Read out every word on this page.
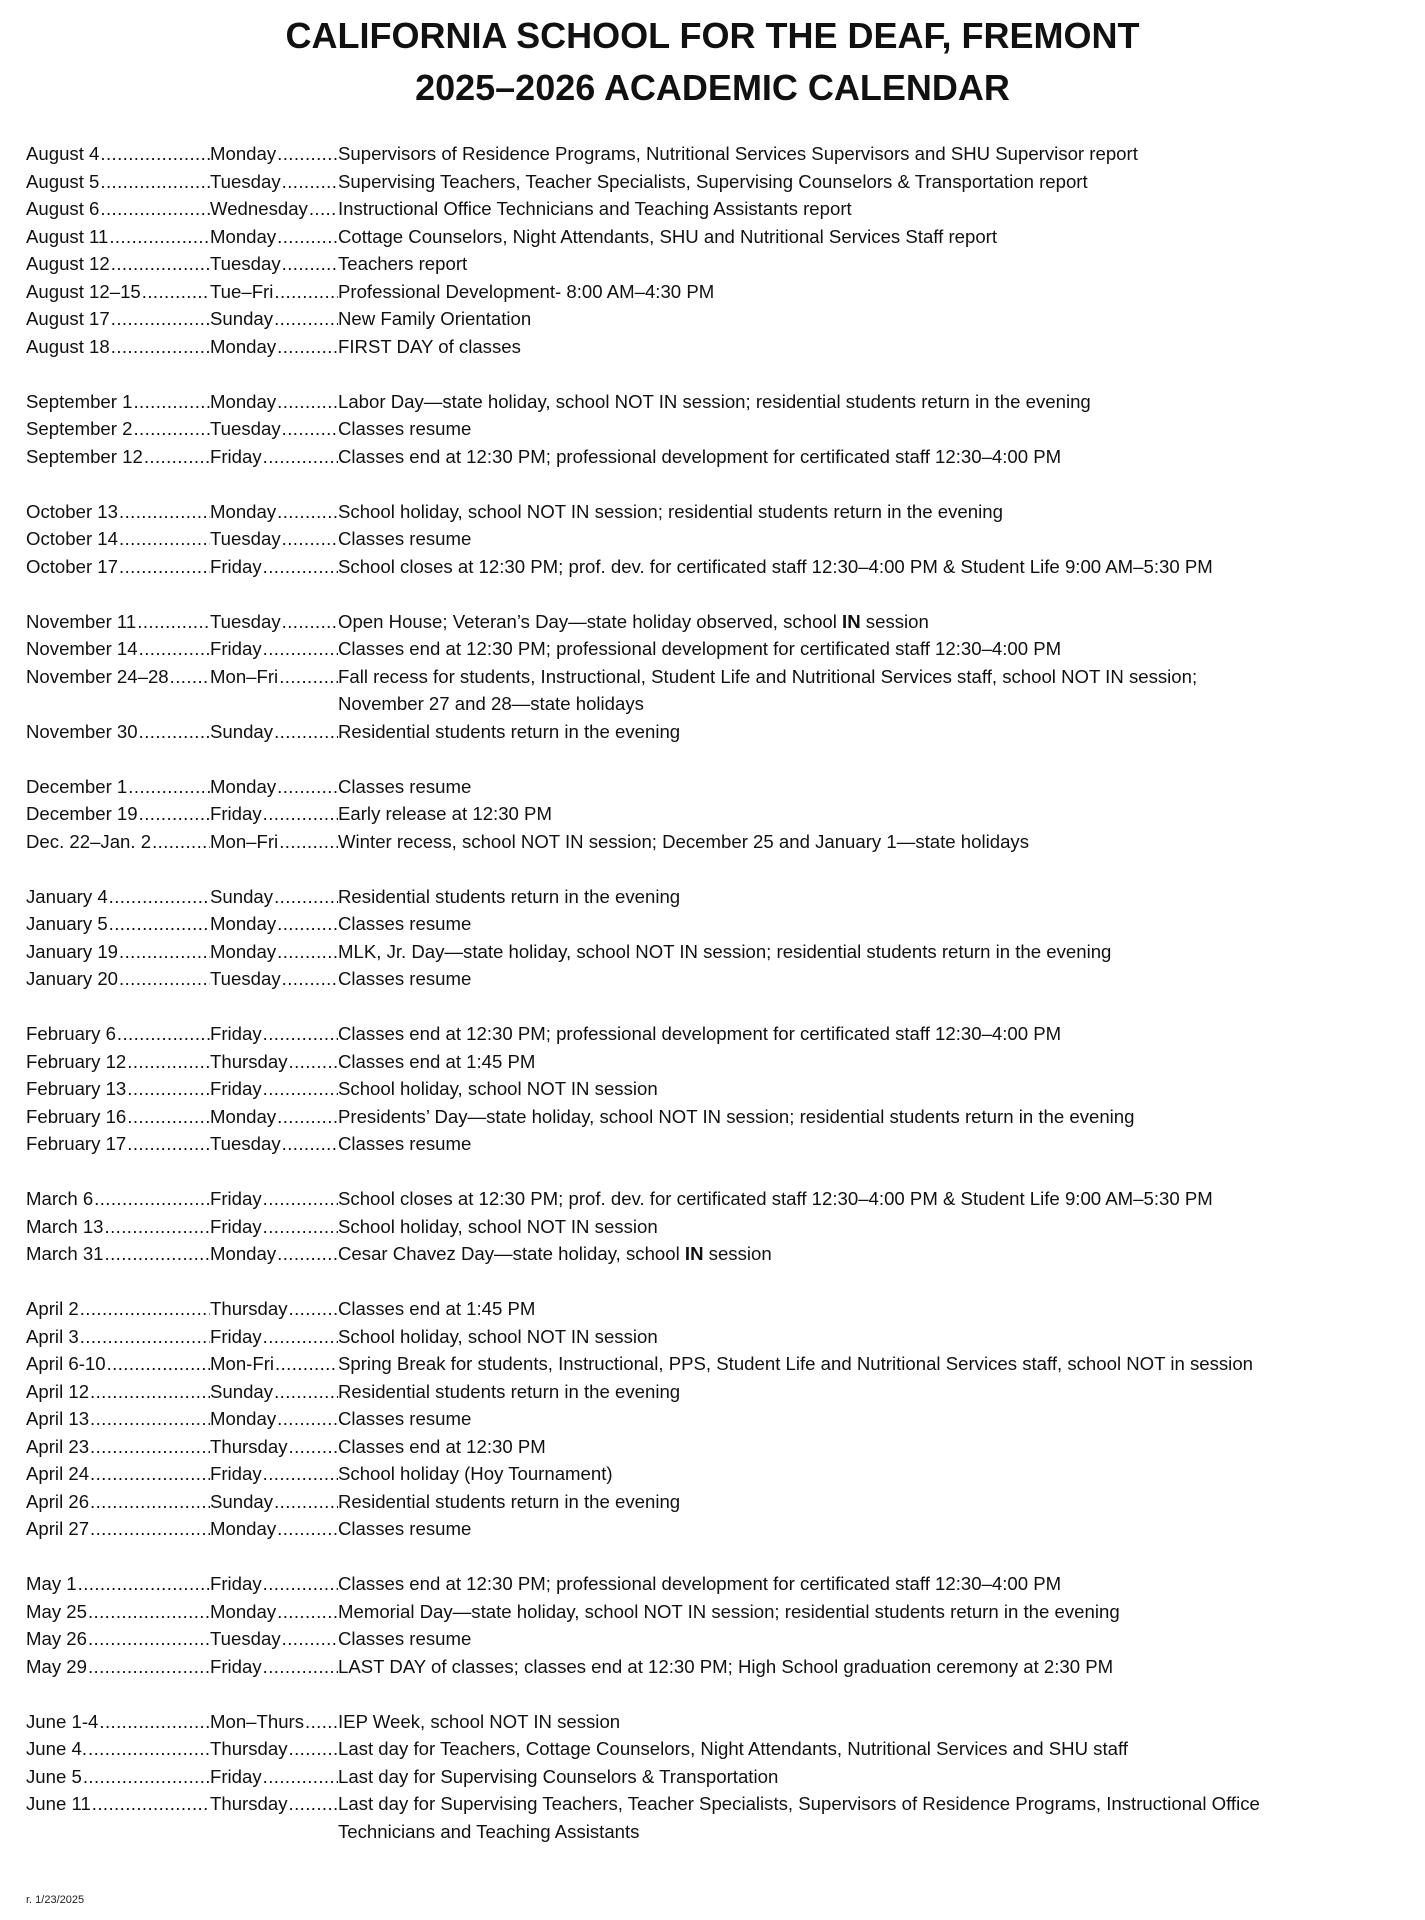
CALIFORNIA SCHOOL FOR THE DEAF, FREMONT
2025–2026 ACADEMIC CALENDAR
August 4 .....	Monday .....	Supervisors of Residence Programs, Nutritional Services Supervisors and SHU Supervisor report
August 5 .....	Tuesday .....	Supervising Teachers, Teacher Specialists, Supervising Counselors & Transportation report
August 6 .....	Wednesday ..... Instructional Office Technicians and Teaching Assistants report
August 11 .....	Monday .....	Cottage Counselors, Night Attendants, SHU and Nutritional Services Staff report
August 12 .....	Tuesday .....	Teachers report
August 12–15 .....	Tue–Fri .....	Professional Development- 8:00 AM–4:30 PM
August 17 .....	Sunday .....	New Family Orientation
August 18 .....	Monday .....	FIRST DAY of classes
September 1 .....	Monday .....	Labor Day—state holiday, school NOT IN session; residential students return in the evening
September 2 .....	Tuesday .....	Classes resume
September 12 .....	Friday .....	Classes end at 12:30 PM; professional development for certificated staff 12:30–4:00 PM
October 13 .....	Monday .....	School holiday, school NOT IN session; residential students return in the evening
October 14 .....	Tuesday .....	Classes resume
October 17 .....	Friday .....	School closes at 12:30 PM; prof. dev. for certificated staff 12:30–4:00 PM & Student Life 9:00 AM–5:30 PM
November 11 .....	Tuesday .....	Open House; Veteran’s Day—state holiday observed, school IN session
November 14 .....	Friday .....	Classes end at 12:30 PM; professional development for certificated staff 12:30–4:00 PM
November 24–28 ..... Mon–Fri .....	Fall recess for students, Instructional, Student Life and Nutritional Services staff, school NOT IN session;
November 27 and 28—state holidays
November 30 .....	Sunday .....	Residential students return in the evening
December 1 .....	Monday .....	Classes resume
December 19 .....	Friday .....	Early release at 12:30 PM
Dec. 22–Jan. 2 .....	Mon–Fri .....	Winter recess, school NOT IN session; December 25 and January 1—state holidays
January 4 .....	Sunday .....	Residential students return in the evening
January 5 .....	Monday .....	Classes resume
January 19 .....	Monday .....	MLK, Jr. Day—state holiday, school NOT IN session; residential students return in the evening
January 20 .....	Tuesday .....	Classes resume
February 6 .....	Friday .....	Classes end at 12:30 PM; professional development for certificated staff 12:30–4:00 PM
February 12 .....	Thursday .....	Classes end at 1:45 PM
February 13 .....	Friday .....	School holiday, school NOT IN session
February 16 .....	Monday .....	Presidents’ Day—state holiday, school NOT IN session; residential students return in the evening
February 17 .....	Tuesday .....	Classes resume
March 6 .....	Friday .....	School closes at 12:30 PM; prof. dev. for certificated staff 12:30–4:00 PM & Student Life 9:00 AM–5:30 PM
March 13 .....	Friday .....	School holiday, school NOT IN session
March 31 .....	Monday .....	Cesar Chavez Day—state holiday, school IN session
April 2 .....	Thursday .....	Classes end at 1:45 PM
April 3 .....	Friday .....	School holiday, school NOT IN session
April 6-10 .....	Mon-Fri .....	Spring Break for students, Instructional, PPS, Student Life and Nutritional Services staff, school NOT in session
April 12 .....	Sunday .....	Residential students return in the evening
April 13 .....	Monday .....	Classes resume
April 23 .....	Thursday .....	Classes end at 12:30 PM
April 24 .....	Friday .....	School holiday (Hoy Tournament)
April 26 .....	Sunday .....	Residential students return in the evening
April 27 .....	Monday .....	Classes resume
May 1 .....	Friday .....	Classes end at 12:30 PM; professional development for certificated staff 12:30–4:00 PM
May 25 .....	Monday .....	Memorial Day—state holiday, school NOT IN session; residential students return in the evening
May 26 .....	Tuesday .....	Classes resume
May 29 .....	Friday .....	LAST DAY of classes; classes end at 12:30 PM; High School graduation ceremony at 2:30 PM
June 1-4 .....	Mon–Thurs ..... IEP Week, school NOT IN session
June 4. .....	Thursday .....	Last day for Teachers, Cottage Counselors, Night Attendants, Nutritional Services and SHU staff
June 5 .....	Friday .....	Last day for Supervising Counselors & Transportation
June 11 .....	Thursday .....	Last day for Supervising Teachers, Teacher Specialists, Supervisors of Residence Programs, Instructional Office
Technicians and Teaching Assistants
r. 1/23/2025
